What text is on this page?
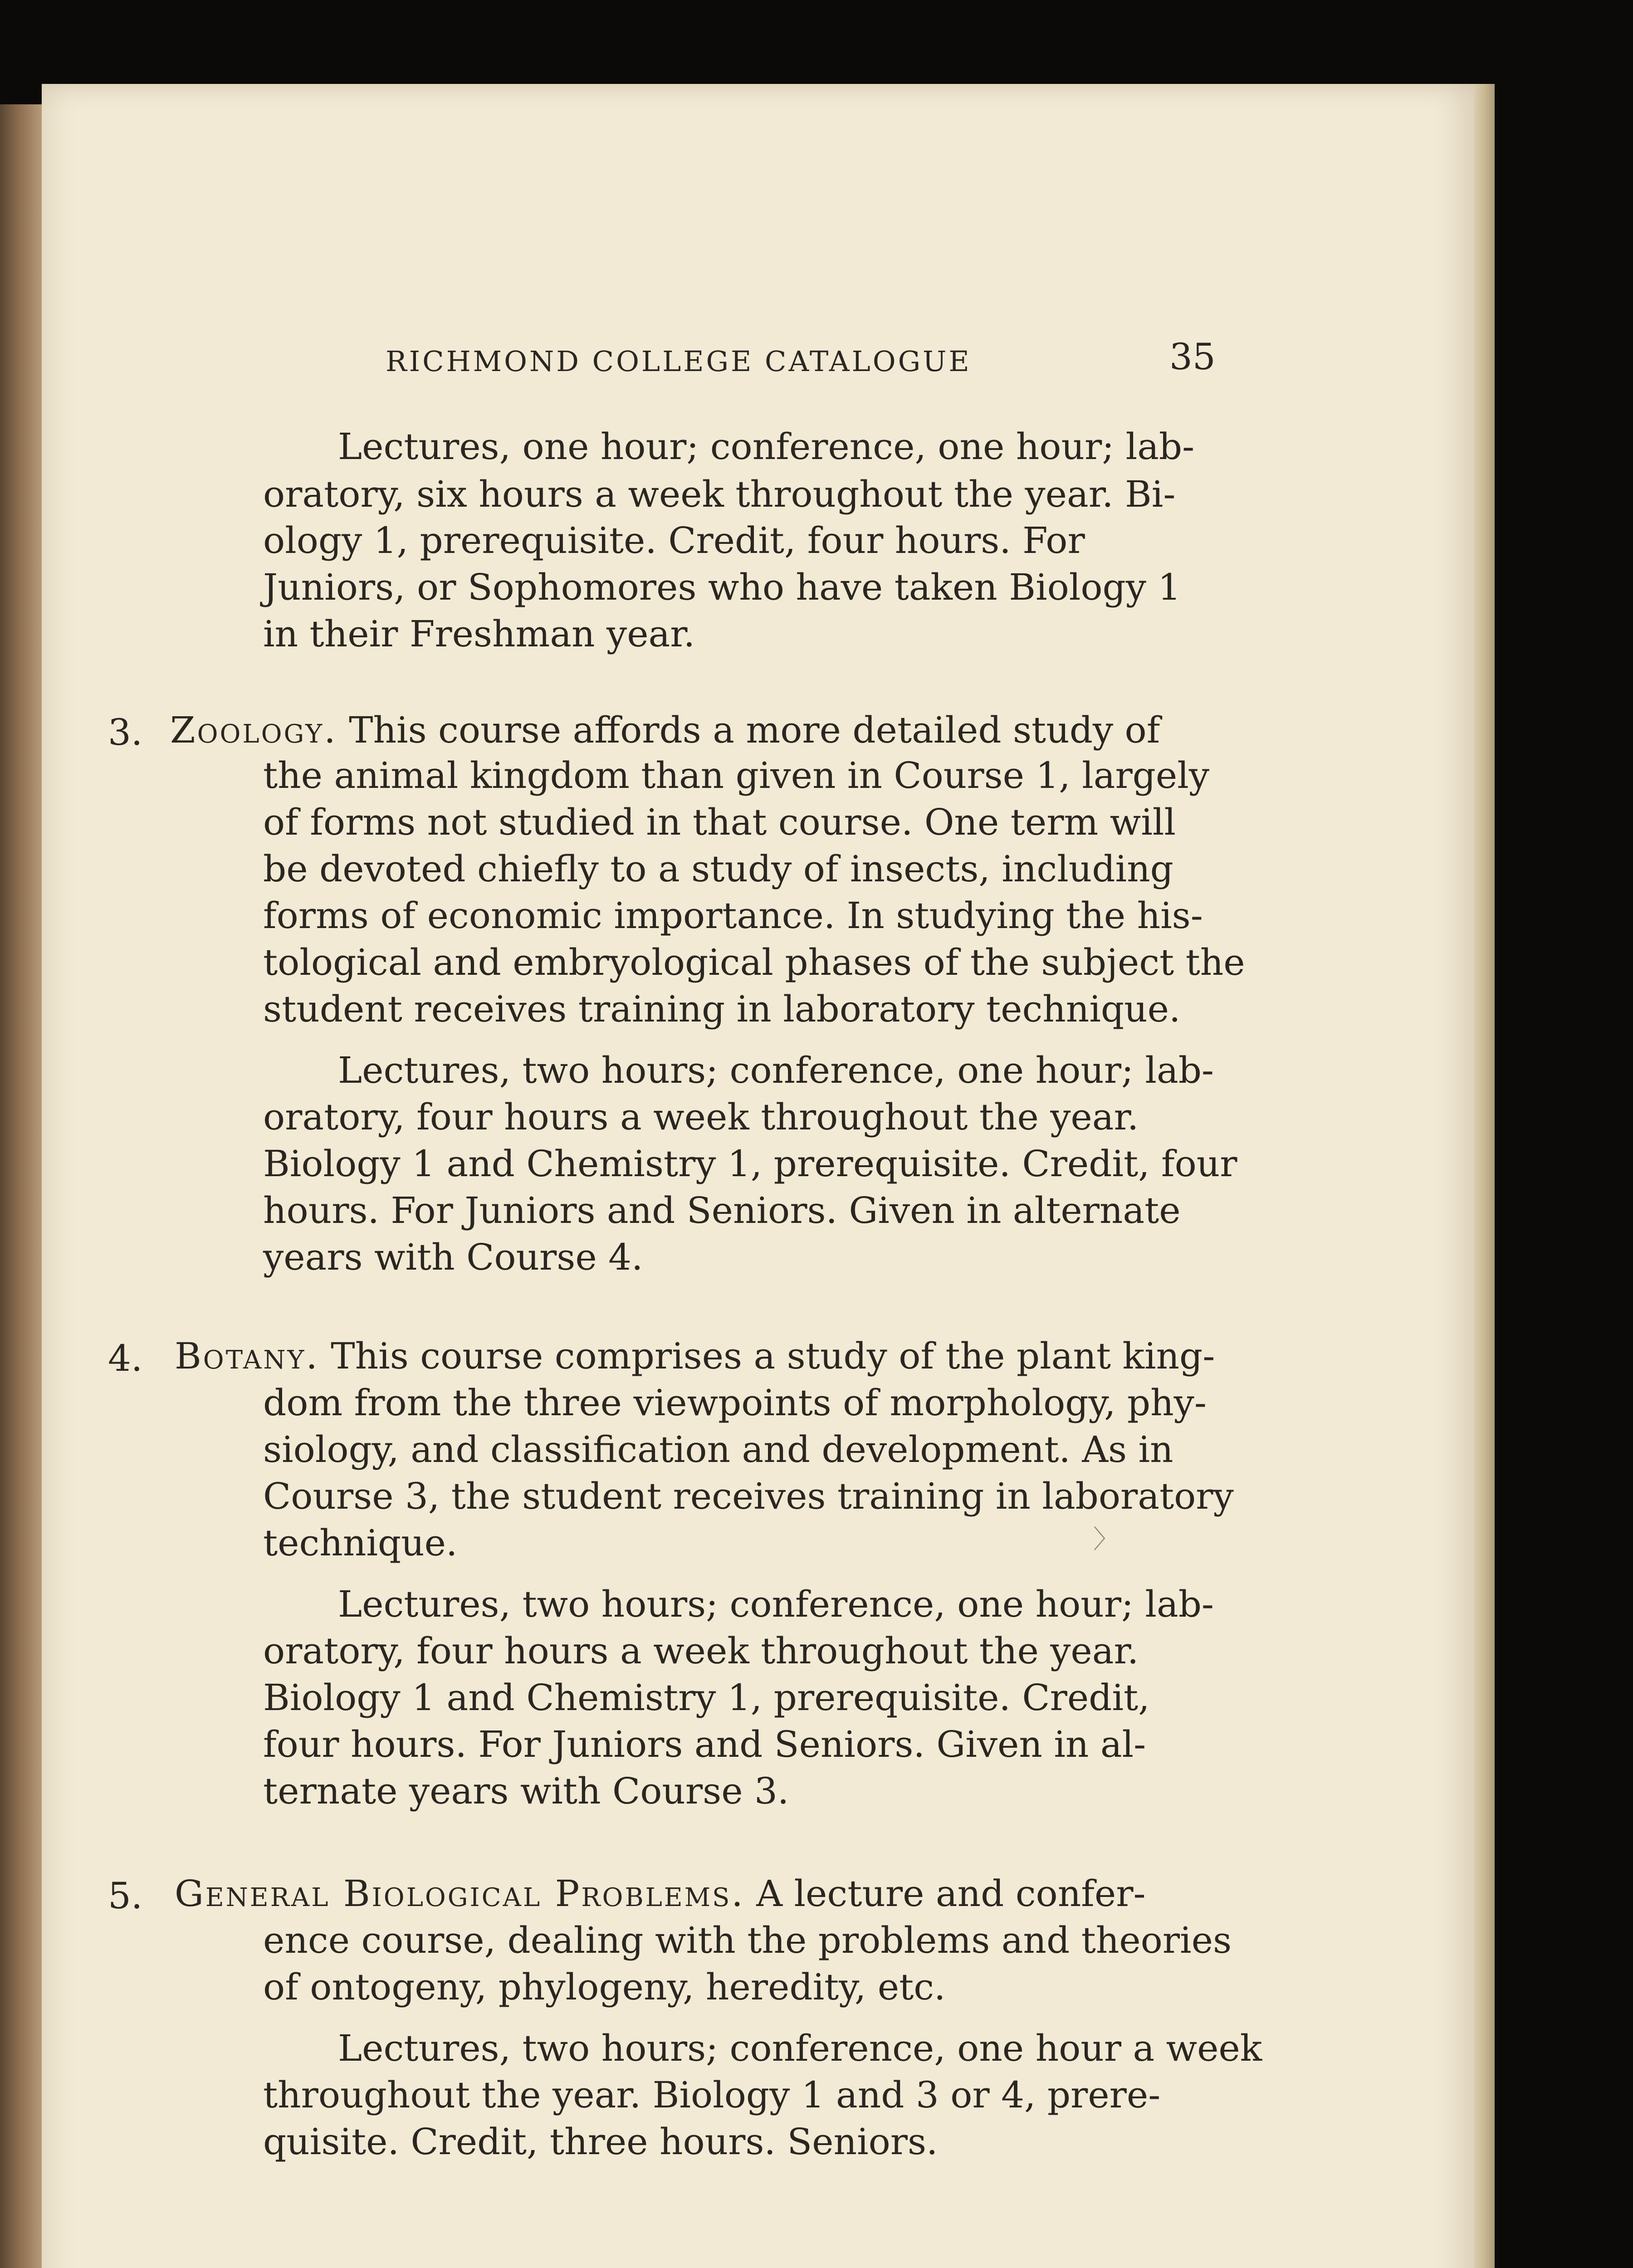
RICHMOND COLLEGE CATALOGUE	35
Lectures, one hour; conference, one hour; lab-
oratory, six hours a week throughout the year. Bi-
ology 1, prerequisite. Credit, four hours. For
Juniors, or Sophomores who have taken Biology 1
in their Freshman year.
3. Zoology. This course affords a more detailed study of
the animal kingdom than given in Course 1, largely
of forms not studied in that course. One term will
be devoted chiefly to a study of insects, including
forms of economic importance. In studying the his-
tological and embryological phases of the subject the
student receives training in laboratory technique.
Lectures, two hours; conference, one hour; lab-
oratory, four hours a week throughout the year.
Biology 1 and Chemistry 1, prerequisite. Credit, four
hours. For Juniors and Seniors. Given in alternate
years with Course 4.
4. Botany. This course comprises a study of the plant king-
dom from the three viewpoints of morphology, phy-
siology, and classification and development. As in
Course 3, the student receives training in laboratory
technique.	〉
Lectures, two hours; conference, one hour; lab-
oratory, four hours a week throughout the year.
Biology 1 and Chemistry 1, prerequisite. Credit,
four hours. For Juniors and Seniors. Given in al-
ternate years with Course 3.
5. General Biological Problems. A lecture and confer-
ence course, dealing with the problems and theories
of ontogeny, phylogeny, heredity, etc.
Lectures, two hours; conference, one hour a week
throughout the year. Biology 1 and 3 or 4, prere-
quisite. Credit, three hours. Seniors.
